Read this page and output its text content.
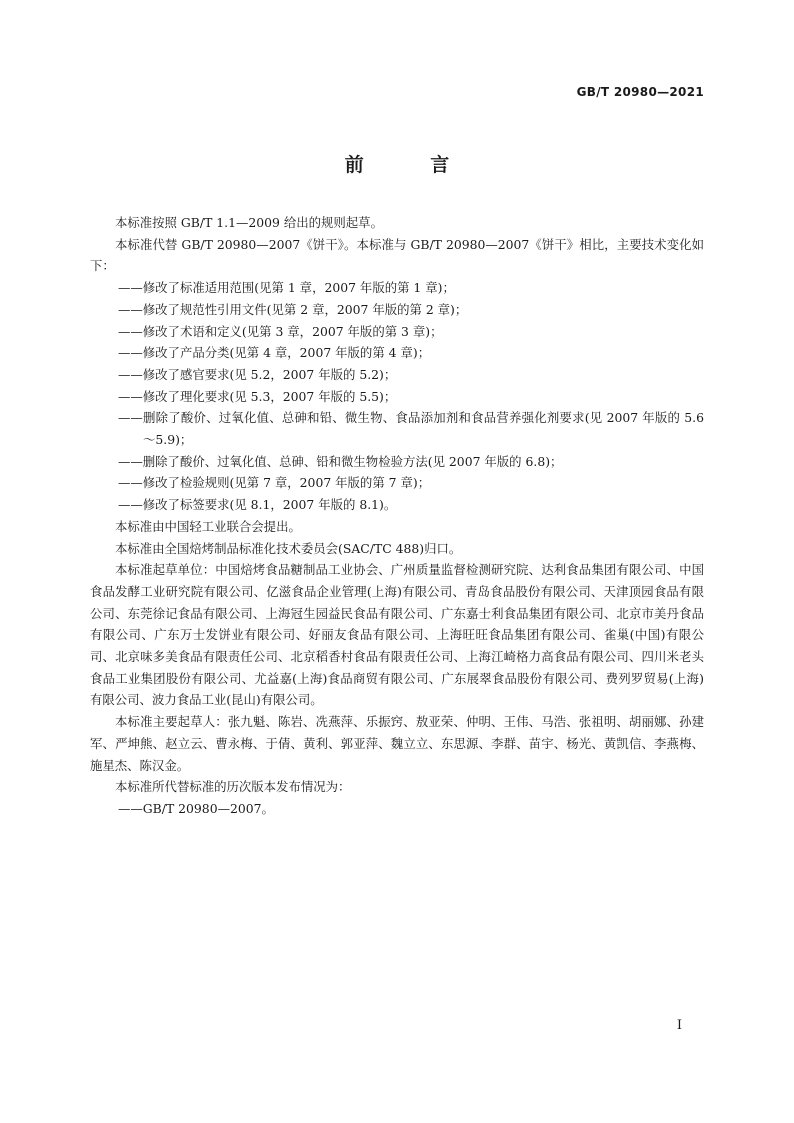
GB/T 20980—2021
前 言

本标准按照 GB/T 1.1—2009 给出的规则起草。

本标准代替 GB/T 20980—2007《饼干》。本标准与 GB/T 20980—2007《饼干》相比，主要技术变化如下：

——修改了标准适用范围(见第 1 章，2007 年版的第 1 章)；

——修改了规范性引用文件(见第 2 章，2007 年版的第 2 章)；

——修改了术语和定义(见第 3 章，2007 年版的第 3 章)；

——修改了产品分类(见第 4 章，2007 年版的第 4 章)；

——修改了感官要求(见 5.2，2007 年版的 5.2)；

——修改了理化要求(见 5.3，2007 年版的 5.5)；

——删除了酸价、过氧化值、总砷和铅、微生物、食品添加剂和食品营养强化剂要求(见 2007 年版的 5.6～5.9)；

——删除了酸价、过氧化值、总砷、铅和微生物检验方法(见 2007 年版的 6.8)；

——修改了检验规则(见第 7 章，2007 年版的第 7 章)；

——修改了标签要求(见 8.1，2007 年版的 8.1)。

本标准由中国轻工业联合会提出。

本标准由全国焙烤制品标准化技术委员会(SAC/TC 488)归口。

本标准起草单位：中国焙烤食品糖制品工业协会、广州质量监督检测研究院、达利食品集团有限公司、中国食品发酵工业研究院有限公司、亿滋食品企业管理(上海)有限公司、青岛食品股份有限公司、天津顶园食品有限公司、东莞徐记食品有限公司、上海冠生园益民食品有限公司、广东嘉士利食品集团有限公司、北京市美丹食品有限公司、广东万士发饼业有限公司、好丽友食品有限公司、上海旺旺食品集团有限公司、雀巢(中国)有限公司、北京味多美食品有限责任公司、北京稻香村食品有限责任公司、上海江崎格力高食品有限公司、四川米老头食品工业集团股份有限公司、尤益嘉(上海)食品商贸有限公司、广东展翠食品股份有限公司、费列罗贸易(上海)有限公司、波力食品工业(昆山)有限公司。

本标准主要起草人：张九魁、陈岩、冼燕萍、乐振窍、敖亚荣、仲明、王伟、马浩、张祖明、胡丽娜、孙建军、严坤熊、赵立云、曹永梅、于倩、黄利、郭亚萍、魏立立、东思源、李群、苗宇、杨光、黄凯信、李燕梅、施星杰、陈汉金。

本标准所代替标准的历次版本发布情况为：

——GB/T 20980—2007。

I
